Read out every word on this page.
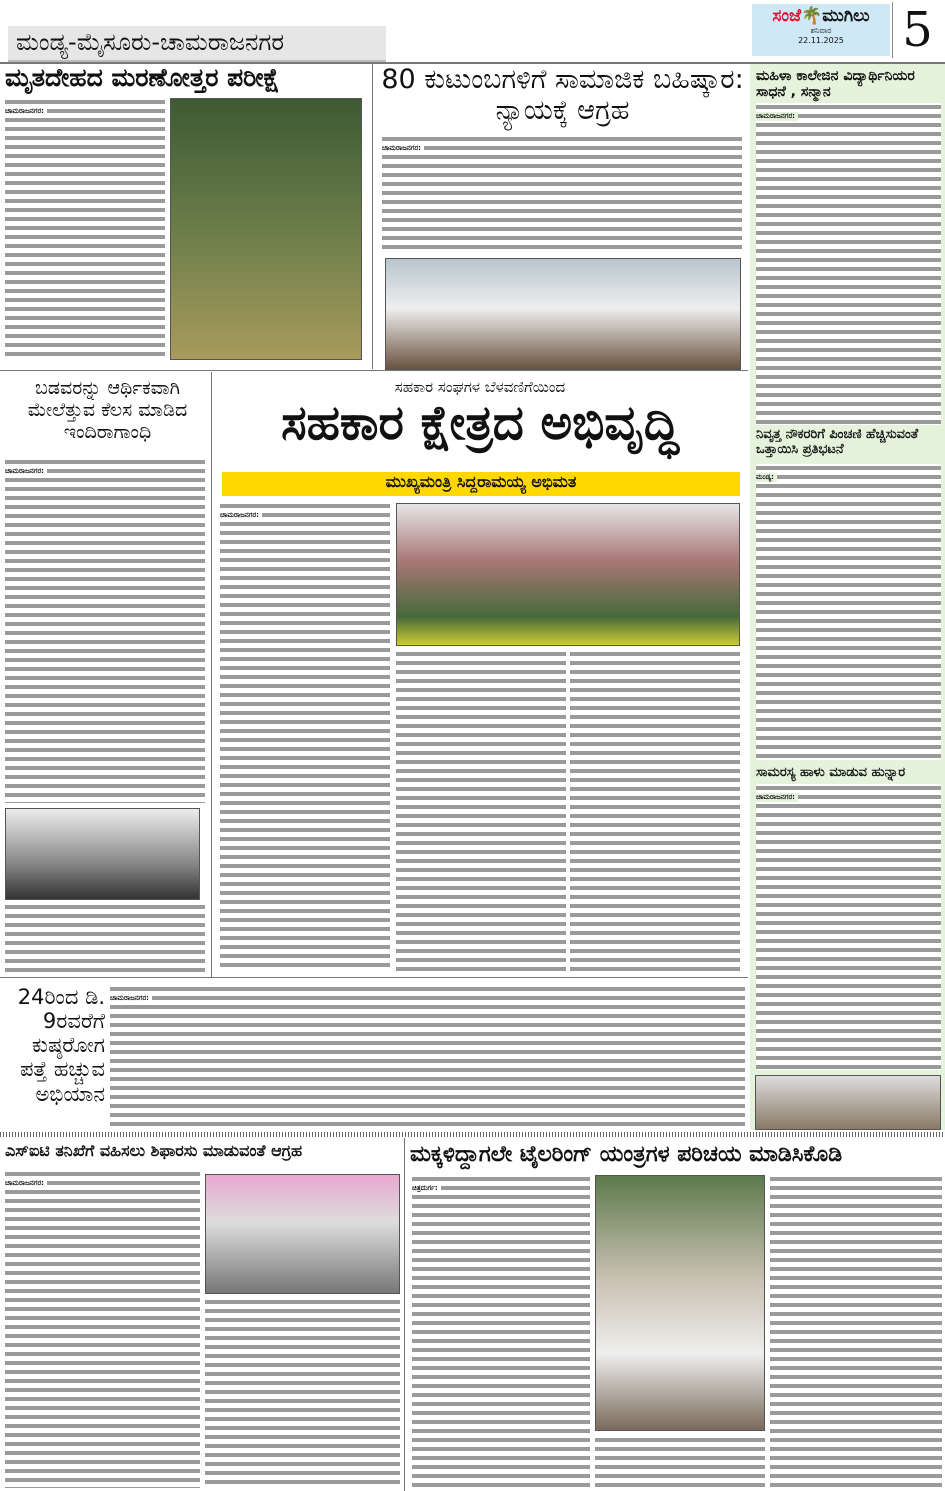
ಮಂಡ್ಯ-ಮೈಸೂರು-ಚಾಮರಾಜನಗರ
ಸಂಜೆ🌴ಮುಗಿಲು
ಶನಿವಾರ
22.11.2025	5
ಮೃತದೇಹದ ಮರಣೋತ್ತರ ಪರೀಕ್ಷೆ
ಚಾಮರಾಜನಗರ:
80 ಕುಟುಂಬಗಳಿಗೆ ಸಾಮಾಜಿಕ ಬಹಿಷ್ಕಾರ: ನ್ಯಾಯಕ್ಕೆ ಆಗ್ರಹ
ಚಾಮರಾಜನಗರ:
ಮಹಿಳಾ ಕಾಲೇಜಿನ ವಿದ್ಯಾರ್ಥಿನಿಯರ ಸಾಧನೆ , ಸನ್ಮಾನ
ಚಾಮರಾಜನಗರ:
ನಿವೃತ್ತ ನೌಕರರಿಗೆ ಪಿಂಚಣಿ ಹೆಚ್ಚಿಸುವಂತೆ ಒತ್ತಾಯಿಸಿ ಪ್ರತಿಭಟನೆ
ಮಂಡ್ಯ:
ಸಾಮರಸ್ಯ ಹಾಳು ಮಾಡುವ ಹುನ್ನಾರ
ಚಾಮರಾಜನಗರ:
ಬಡವರನ್ನು ಆರ್ಥಿಕವಾಗಿ ಮೇಲೆತ್ತುವ ಕೆಲಸ ಮಾಡಿದ ಇಂದಿರಾಗಾಂಧಿ
ಚಾಮರಾಜನಗರ:
ಸಹಕಾರ ಸಂಘಗಳ ಬೆಳವಣಿಗೆಯಿಂದ
ಸಹಕಾರ ಕ್ಷೇತ್ರದ ಅಭಿವೃದ್ಧಿ
ಮುಖ್ಯಮಂತ್ರಿ ಸಿದ್ದರಾಮಯ್ಯ ಅಭಿಮತ
ಚಾಮರಾಜನಗರ:
24ರಿಂದ ಡಿ. 9ರವರೆಗೆ ಕುಷ್ಠರೋಗ ಪತ್ತೆ ಹಚ್ಚುವ ಅಭಿಯಾನ
ಚಾಮರಾಜನಗರ:
ಎಸ್‌ಐಟಿ ತನಿಖೆಗೆ ವಹಿಸಲು ಶಿಫಾರಸು ಮಾಡುವಂತೆ ಆಗ್ರಹ
ಚಾಮರಾಜನಗರ:
ಮಕ್ಕಳಿದ್ದಾಗಲೇ ಟೈಲರಿಂಗ್ ಯಂತ್ರಗಳ ಪರಿಚಯ ಮಾಡಿಸಿಕೊಡಿ
ಚಿತ್ರದುರ್ಗ:
